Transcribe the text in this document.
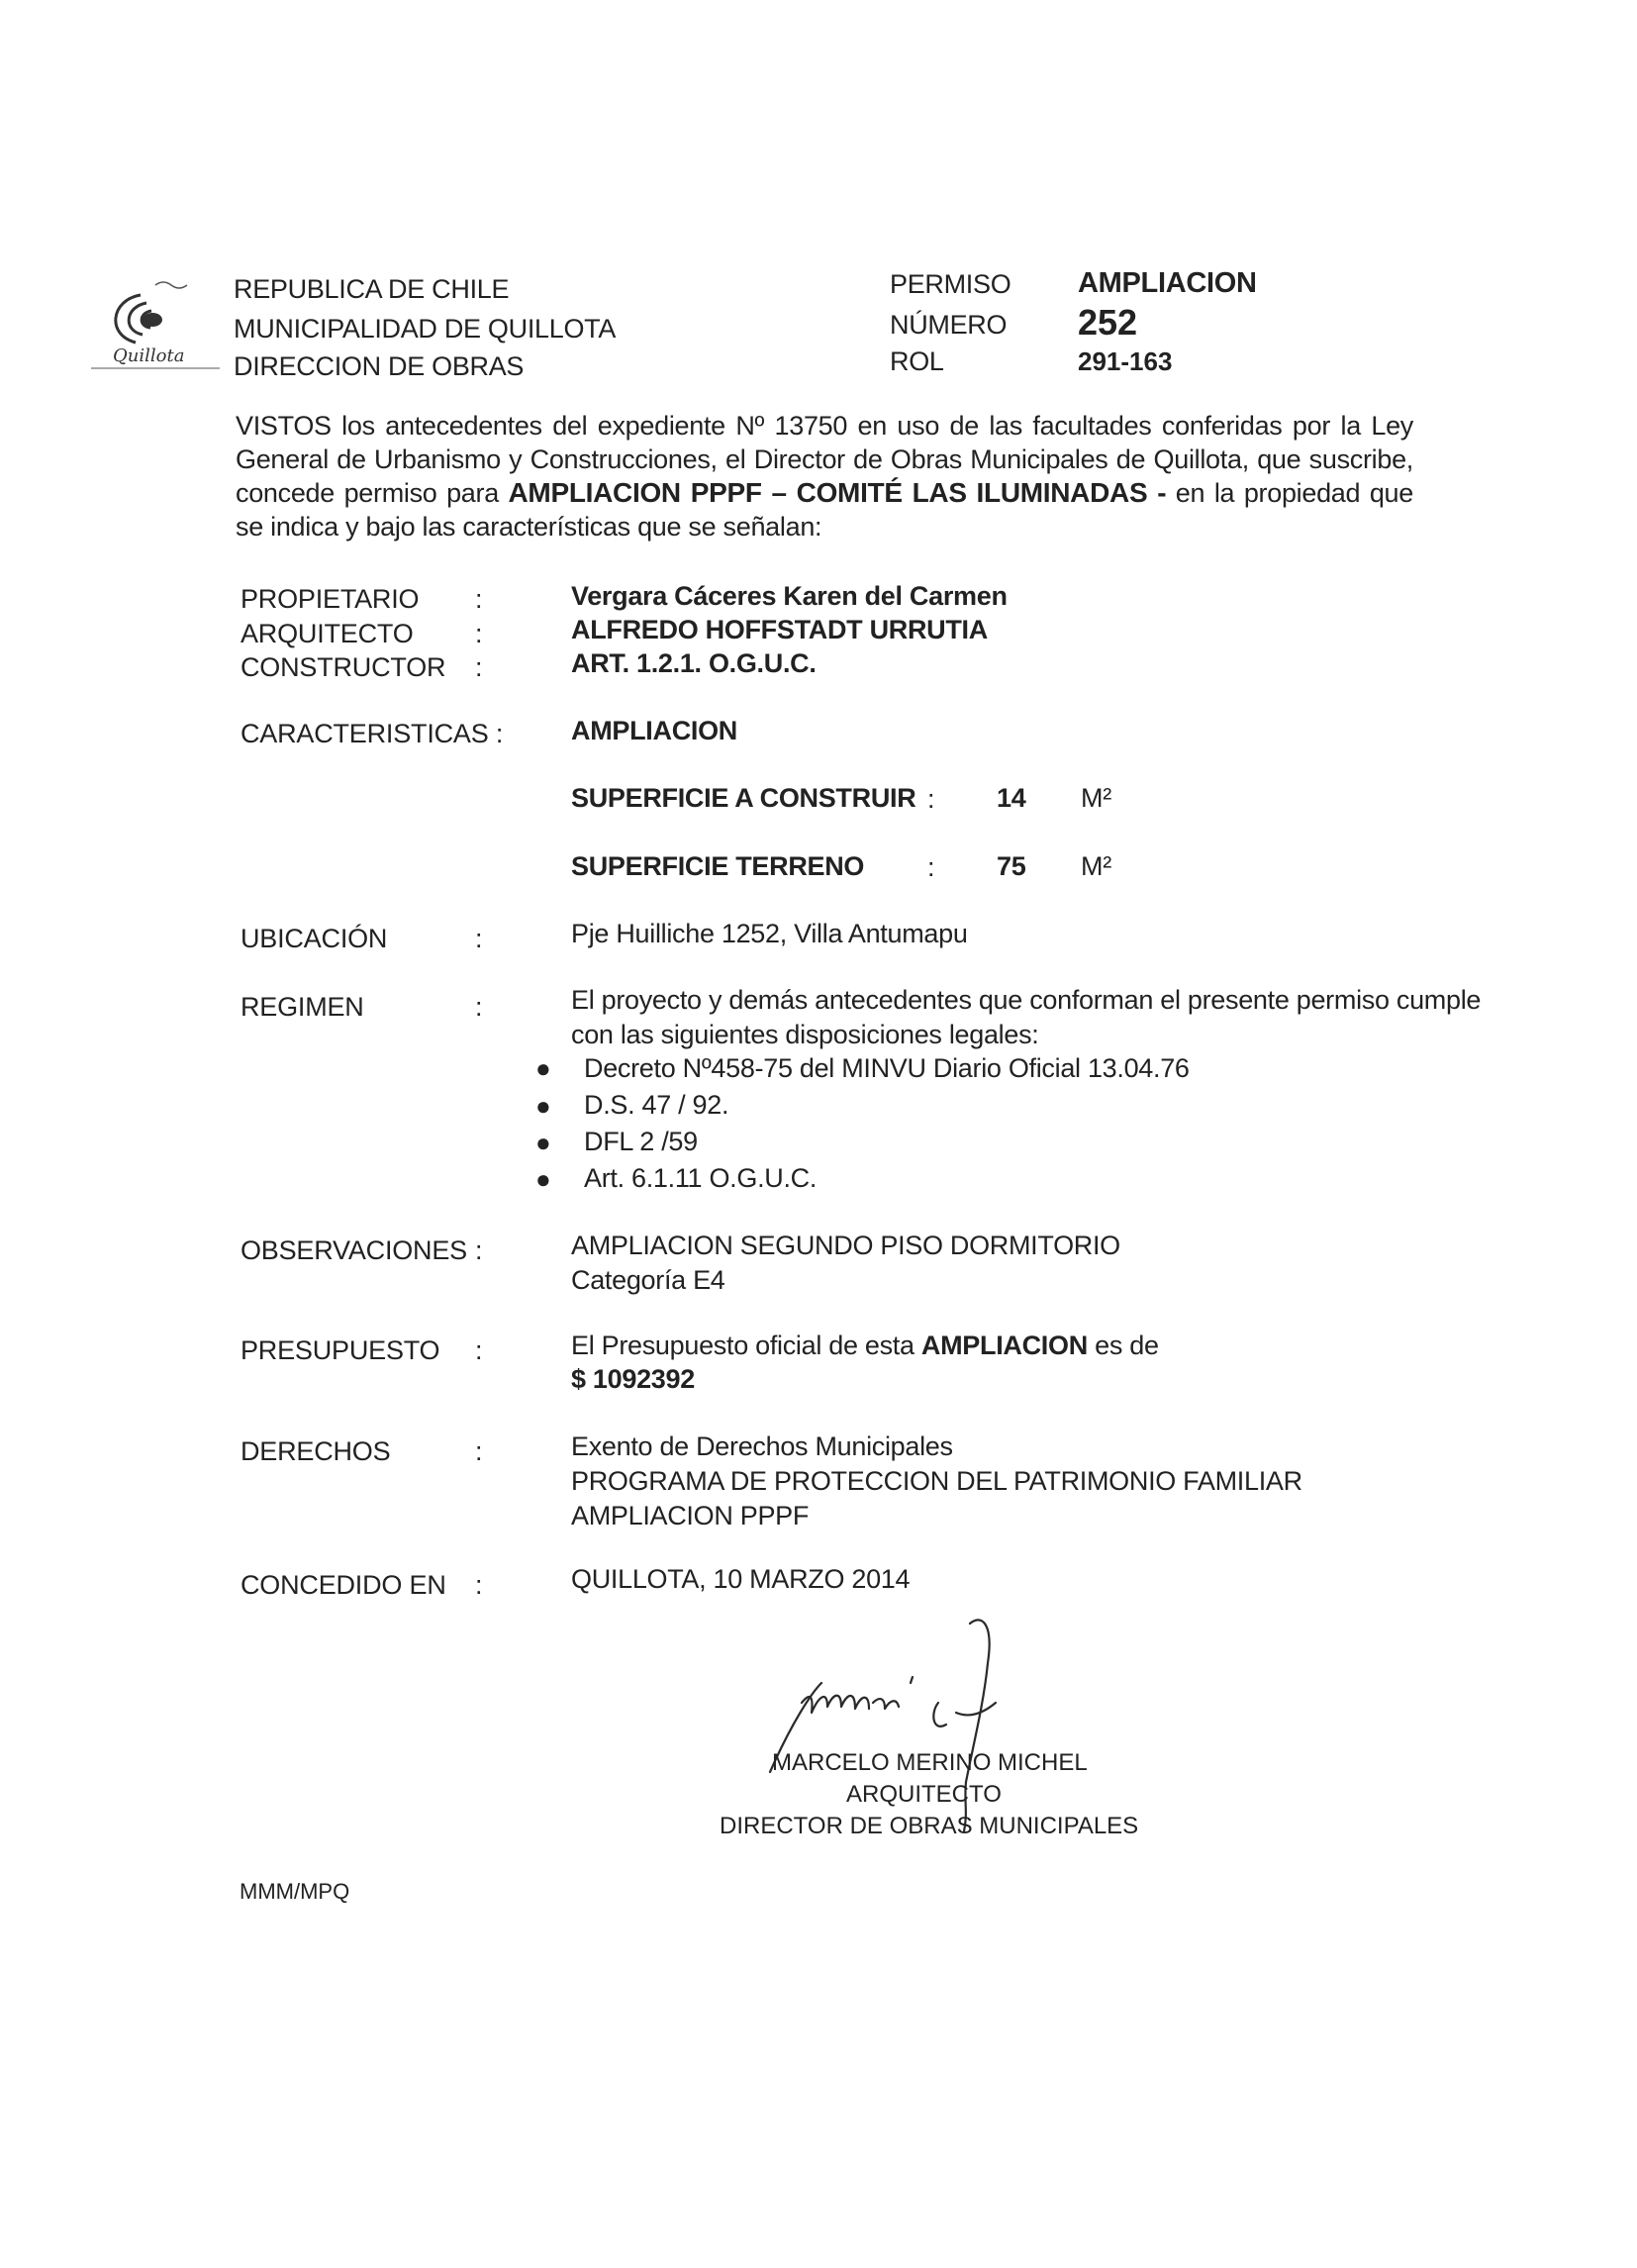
Quillota
REPUBLICA DE CHILE
MUNICIPALIDAD DE QUILLOTA
DIRECCION DE OBRAS
PERMISO AMPLIACION
NÚMERO 252
ROL	291-163
VISTOS los antecedentes del expediente Nº 13750 en uso de las facultades conferidas por la Ley General de Urbanismo y Construcciones, el Director de Obras Municipales de Quillota, que suscribe, concede permiso para AMPLIACION PPPF – COMITÉ LAS ILUMINADAS - en la propiedad que se indica y bajo las características que se señalan:
PROPIETARIO :	Vergara Cáceres Karen del Carmen
ARQUITECTO :	ALFREDO HOFFSTADT URRUTIA
CONSTRUCTOR :	ART. 1.2.1. O.G.U.C.
CARACTERISTICAS :	AMPLIACION
SUPERFICIE A CONSTRUIR : 14 M²
SUPERFICIE TERRENO : 75 M²
UBICACIÓN	:	Pje Huilliche 1252, Villa Antumapu
REGIMEN	:	El proyecto y demás antecedentes que conforman el presente permiso cumple
con las siguientes disposiciones legales:
● Decreto Nº458-75 del MINVU Diario Oficial 13.04.76
● D.S. 47 / 92.
● DFL 2 /59
● Art. 6.1.11 O.G.U.C.
OBSERVACIONES :	AMPLIACION SEGUNDO PISO DORMITORIO
Categoría E4
PRESUPUESTO :	El Presupuesto oficial de esta AMPLIACION es de
$ 1092392
DERECHOS	:	Exento de Derechos Municipales
PROGRAMA DE PROTECCION DEL PATRIMONIO FAMILIAR
AMPLIACION PPPF
CONCEDIDO EN :	QUILLOTA, 10 MARZO 2014
MARCELO MERINO MICHEL
ARQUITECTO
DIRECTOR DE OBRAS MUNICIPALES
MMM/MPQ
